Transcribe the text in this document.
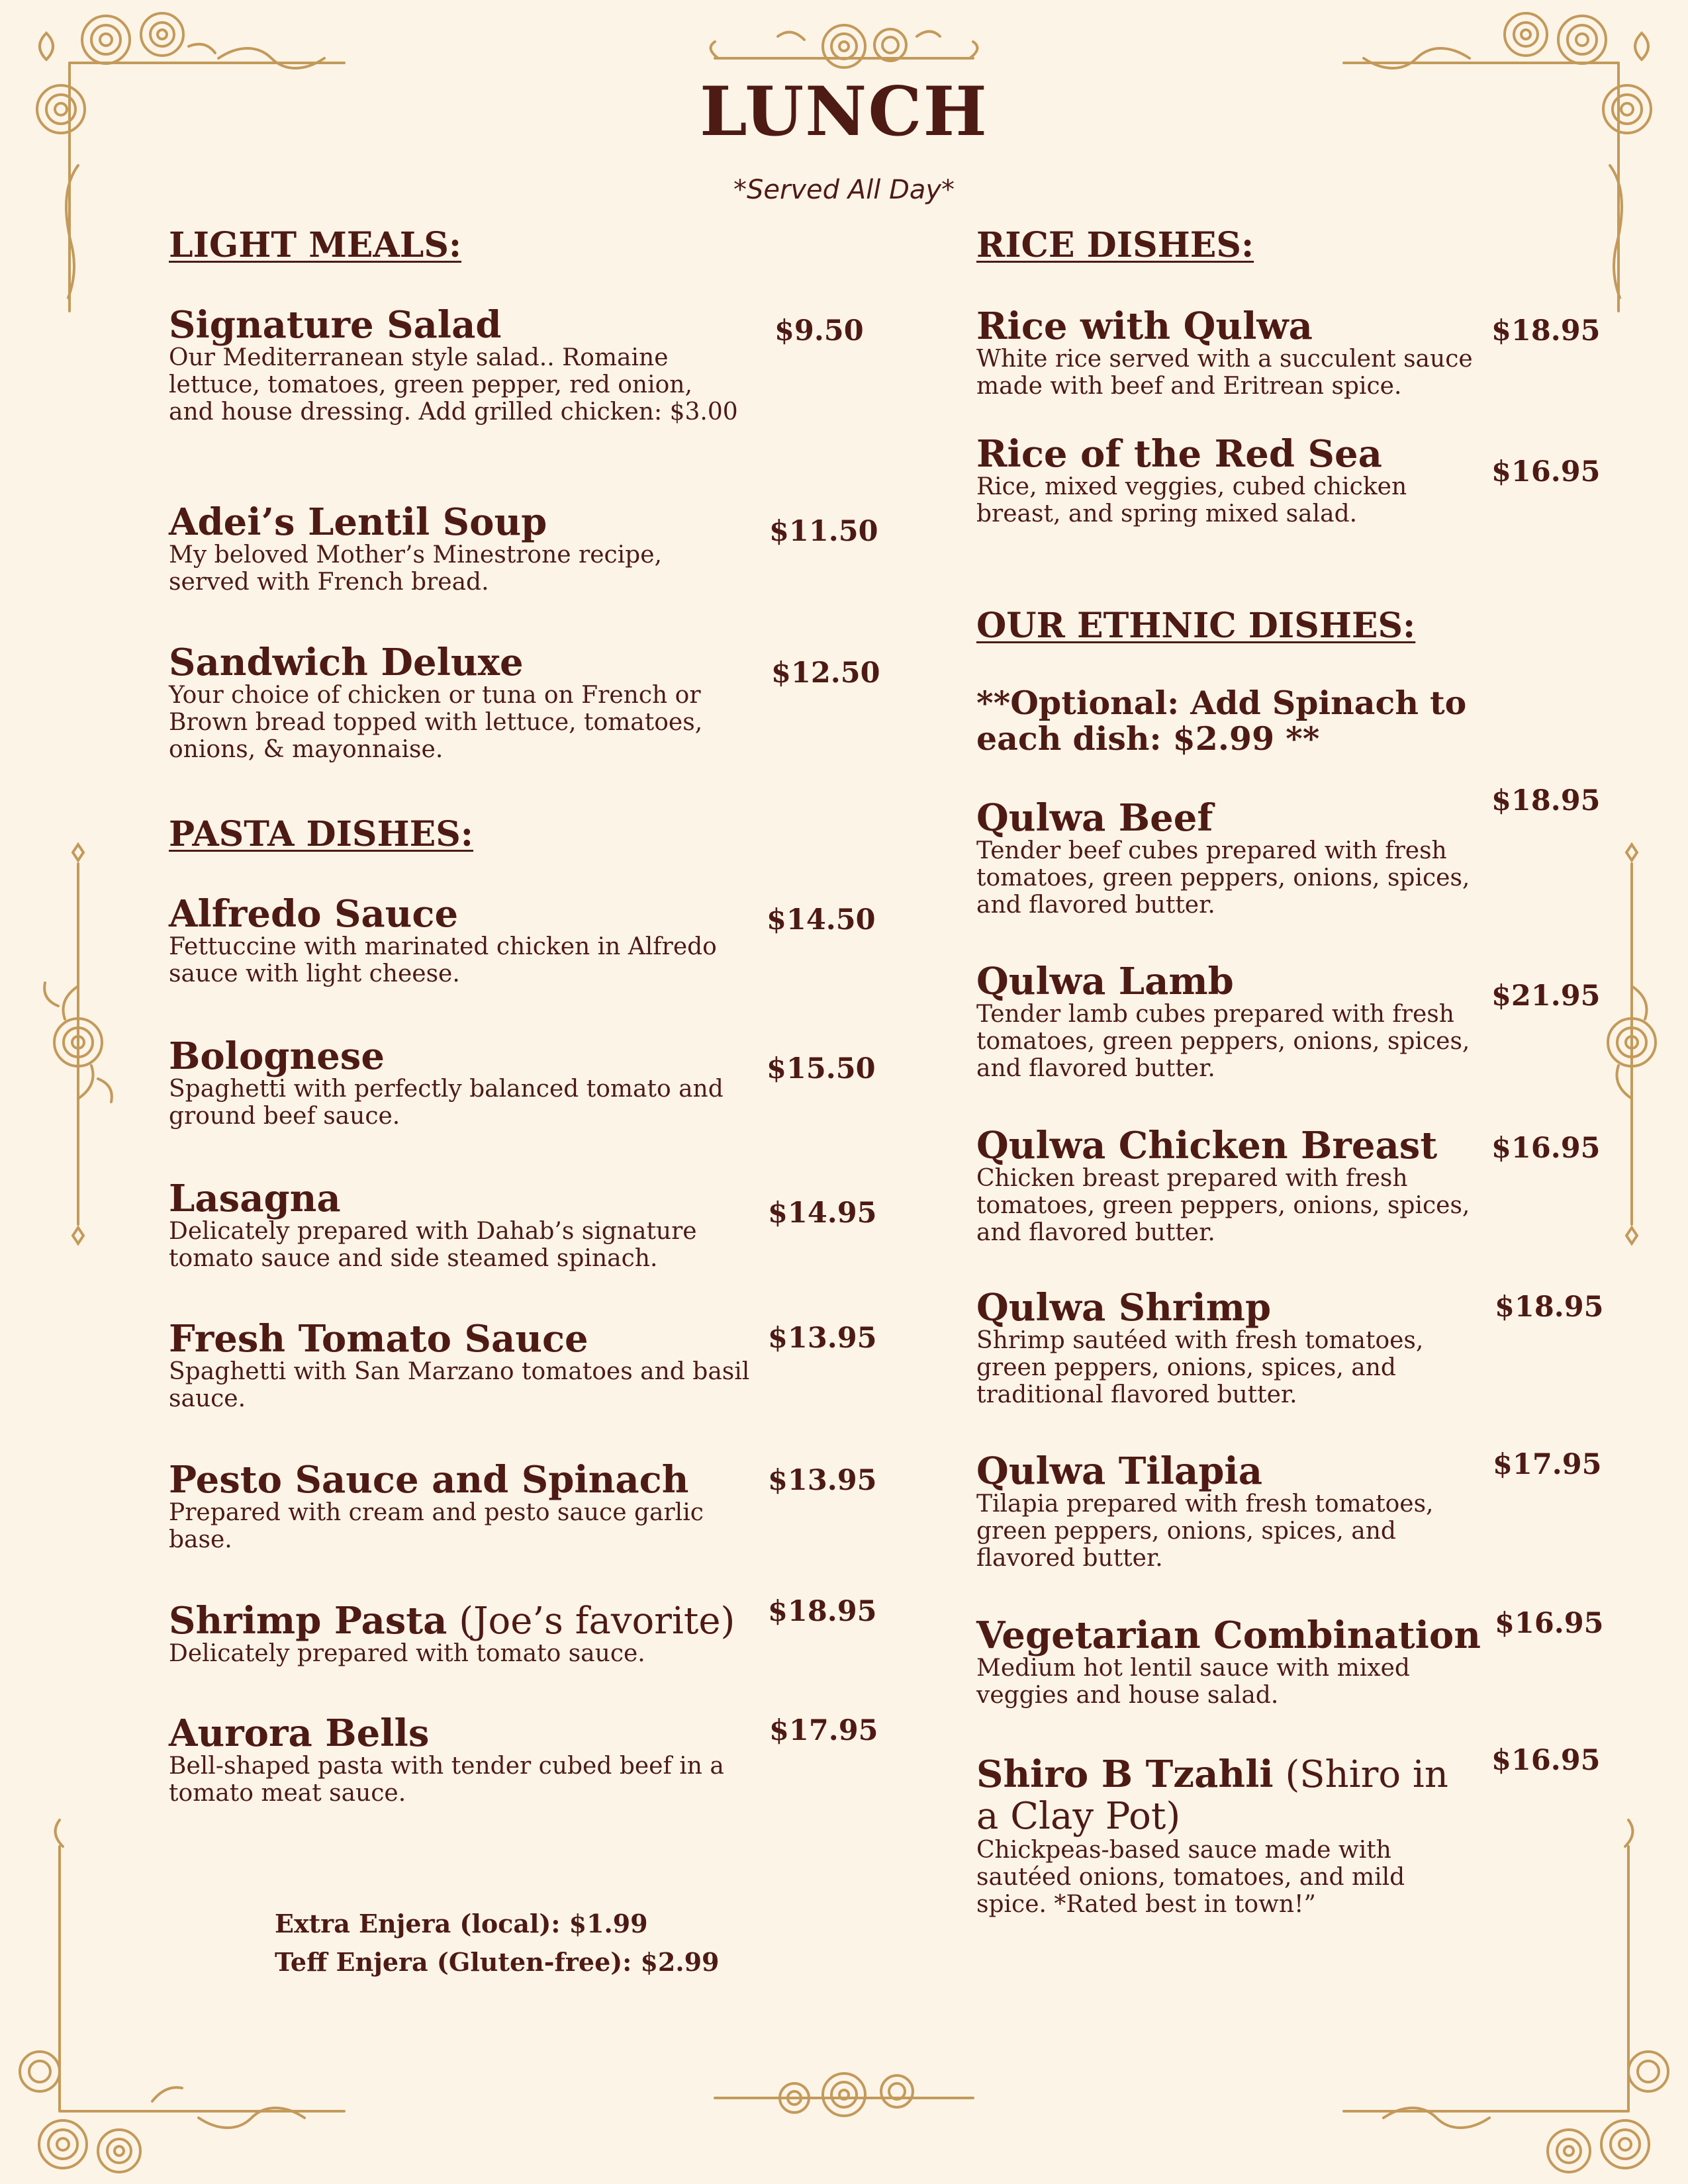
LUNCH
*Served All Day*
LIGHT MEALS:
Signature Salad
Our Mediterranean style salad.. Romaine lettuce, tomatoes, green pepper, red onion, and house dressing. Add grilled chicken: $3.00
$9.50
Adei’s Lentil Soup
My beloved Mother’s Minestrone recipe, served with French bread.
$11.50
Sandwich Deluxe
Your choice of chicken or tuna on French or Brown bread topped with lettuce, tomatoes, onions, & mayonnaise.
$12.50
PASTA DISHES:
Alfredo Sauce
Fettuccine with marinated chicken in Alfredo sauce with light cheese.
$14.50
Bolognese
Spaghetti with perfectly balanced tomato and ground beef sauce.
$15.50
Lasagna
Delicately prepared with Dahab’s signature tomato sauce and side steamed spinach.
$14.95
Fresh Tomato Sauce
Spaghetti with San Marzano tomatoes and basil sauce.
$13.95
Pesto Sauce and Spinach
Prepared with cream and pesto sauce garlic base.
$13.95
Shrimp Pasta (Joe’s favorite)
Delicately prepared with tomato sauce.
$18.95
Aurora Bells
Bell-shaped pasta with tender cubed beef in a tomato meat sauce.
$17.95
Extra Enjera (local): $1.99
Teff Enjera (Gluten-free): $2.99
RICE DISHES:
Rice with Qulwa
White rice served with a succulent sauce made with beef and Eritrean spice.
$18.95
Rice of the Red Sea
Rice, mixed veggies, cubed chicken breast, and spring mixed salad.
$16.95
OUR ETHNIC DISHES:
**Optional: Add Spinach to each dish: $2.99 **
Qulwa Beef
Tender beef cubes prepared with fresh tomatoes, green peppers, onions, spices, and flavored butter.
$18.95
Qulwa Lamb
Tender lamb cubes prepared with fresh tomatoes, green peppers, onions, spices, and flavored butter.
$21.95
Qulwa Chicken Breast
Chicken breast prepared with fresh tomatoes, green peppers, onions, spices, and flavored butter.
$16.95
Qulwa Shrimp
Shrimp sautéed with fresh tomatoes, green peppers, onions, spices, and traditional flavored butter.
$18.95
Qulwa Tilapia
Tilapia prepared with fresh tomatoes, green peppers, onions, spices, and flavored butter.
$17.95
Vegetarian Combination
Medium hot lentil sauce with mixed veggies and house salad.
$16.95
Shiro B Tzahli (Shiro in a Clay Pot)
Chickpeas-based sauce made with sautéed onions, tomatoes, and mild spice. *Rated best in town!”
$16.95
